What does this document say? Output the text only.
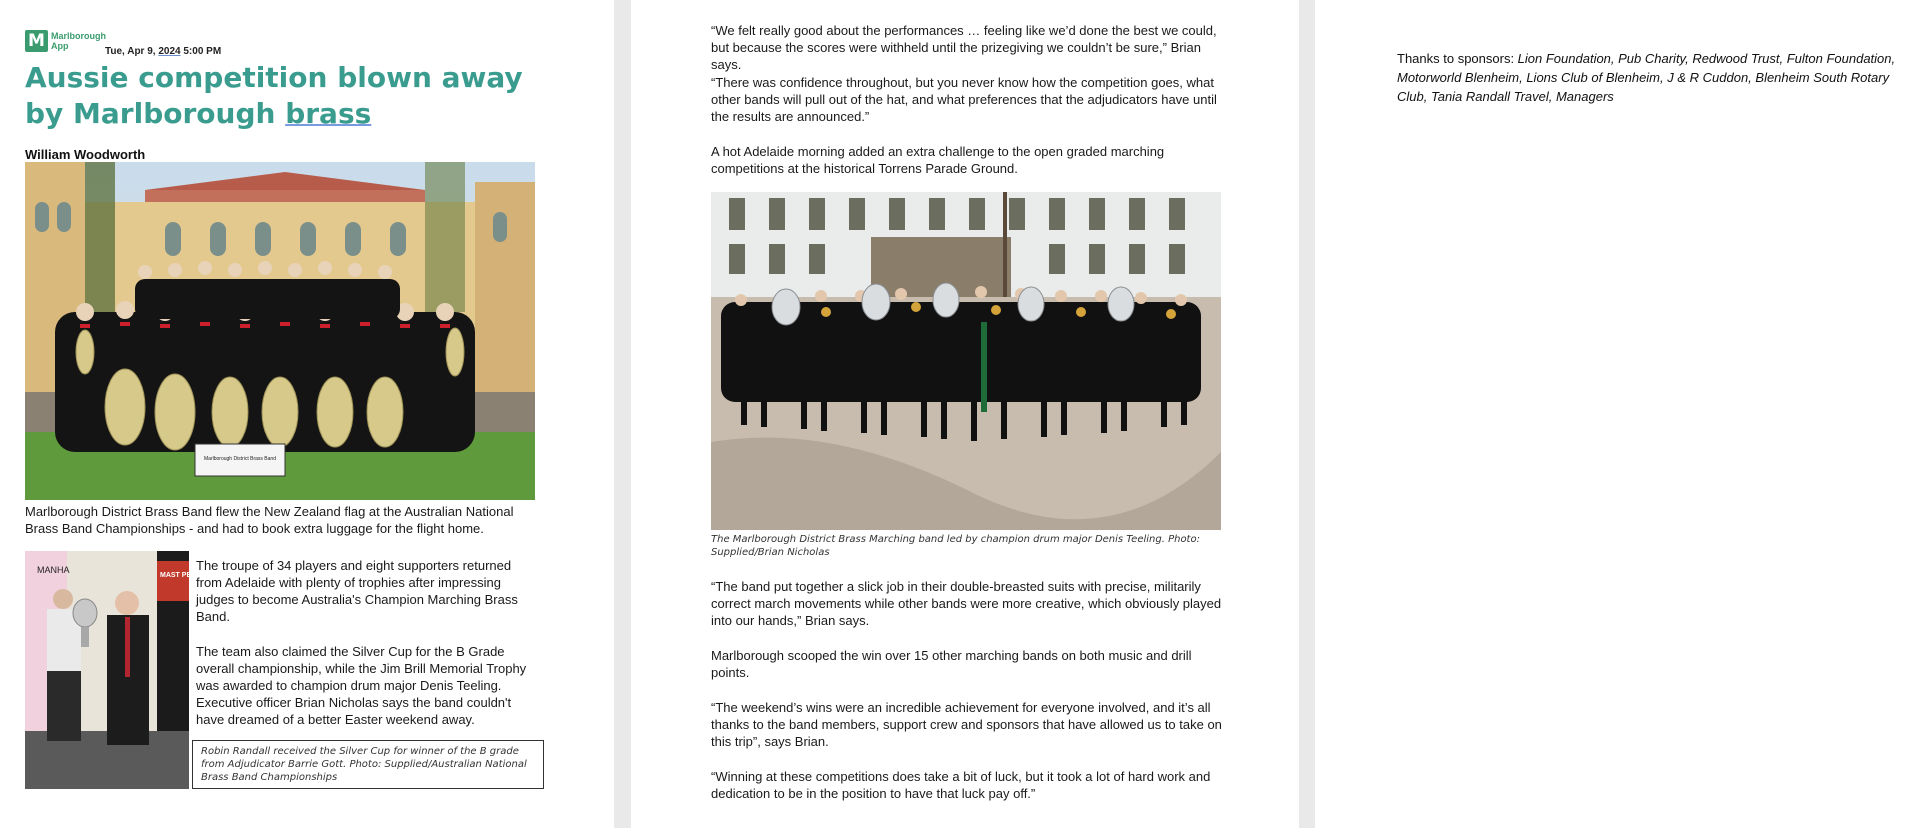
M Marlborough App	Tue, Apr 9, 2024 5:00 PM
Aussie competition blown away by Marlborough brass
William Woodworth
Marlborough District Brass Band
Marlborough District Brass Band flew the New Zealand flag at the Australian National Brass Band Championships - and had to book extra luggage for the flight home.
MANHA
MAST PERFO
The troupe of 34 players and eight supporters returned from Adelaide with plenty of trophies after impressing judges to become Australia's Champion Marching Brass Band.
The team also claimed the Silver Cup for the B Grade overall championship, while the Jim Brill Memorial Trophy was awarded to champion drum major Denis Teeling. Executive officer Brian Nicholas says the band couldn't have dreamed of a better Easter weekend away.
Robin Randall received the Silver Cup for winner of the B grade from Adjudicator Barrie Gott. Photo: Supplied/Australian National Brass Band Championships
“We felt really good about the performances … feeling like we’d done the best we could, but because the scores were withheld until the prizegiving we couldn’t be sure,” Brian says.
“There was confidence throughout, but you never know how the competition goes, what other bands will pull out of the hat, and what preferences that the adjudicators have until the results are announced.”
A hot Adelaide morning added an extra challenge to the open graded marching competitions at the historical Torrens Parade Ground.
The Marlborough District Brass Marching band led by champion drum major Denis Teeling. Photo: Supplied/Brian Nicholas
“The band put together a slick job in their double-breasted suits with precise, militarily correct march movements while other bands were more creative, which obviously played into our hands,” Brian says.
Marlborough scooped the win over 15 other marching bands on both music and drill points.
“The weekend’s wins were an incredible achievement for everyone involved, and it’s all thanks to the band members, support crew and sponsors that have allowed us to take on this trip”, says Brian.
“Winning at these competitions does take a bit of luck, but it took a lot of hard work and dedication to be in the position to have that luck pay off.”
Thanks to sponsors: Lion Foundation, Pub Charity, Redwood Trust, Fulton Foundation, Motorworld Blenheim, Lions Club of Blenheim, J & R Cuddon, Blenheim South Rotary Club, Tania Randall Travel, Managers
